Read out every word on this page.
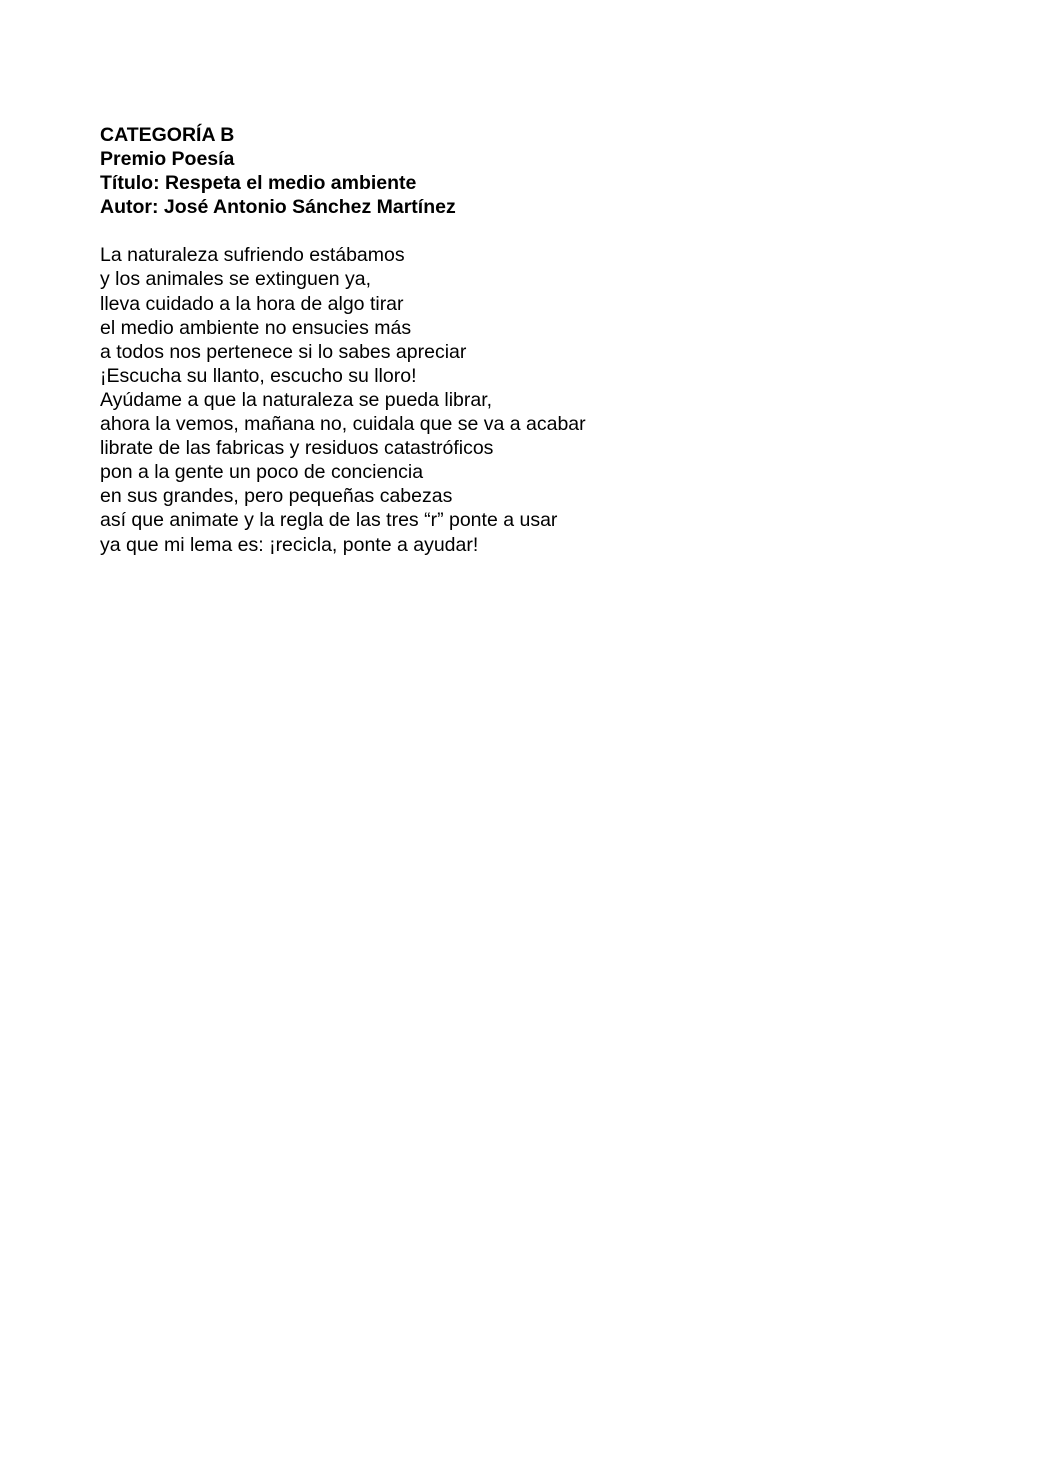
CATEGORÍA B
Premio Poesía
Título: Respeta el medio ambiente
Autor: José Antonio Sánchez Martínez
La naturaleza sufriendo estábamos
y los animales se extinguen ya,
lleva cuidado a la hora de algo tirar
el medio ambiente no ensucies más
a todos nos pertenece si lo sabes apreciar
¡Escucha su llanto, escucho su lloro!
Ayúdame a que la naturaleza se pueda librar,
ahora la vemos, mañana no, cuidala que se va a acabar
librate de las fabricas y residuos catastróficos
pon a la gente un poco de conciencia
en sus grandes, pero pequeñas cabezas
así que animate y la regla de las tres “r” ponte a usar
ya que mi lema es: ¡recicla, ponte a ayudar!
